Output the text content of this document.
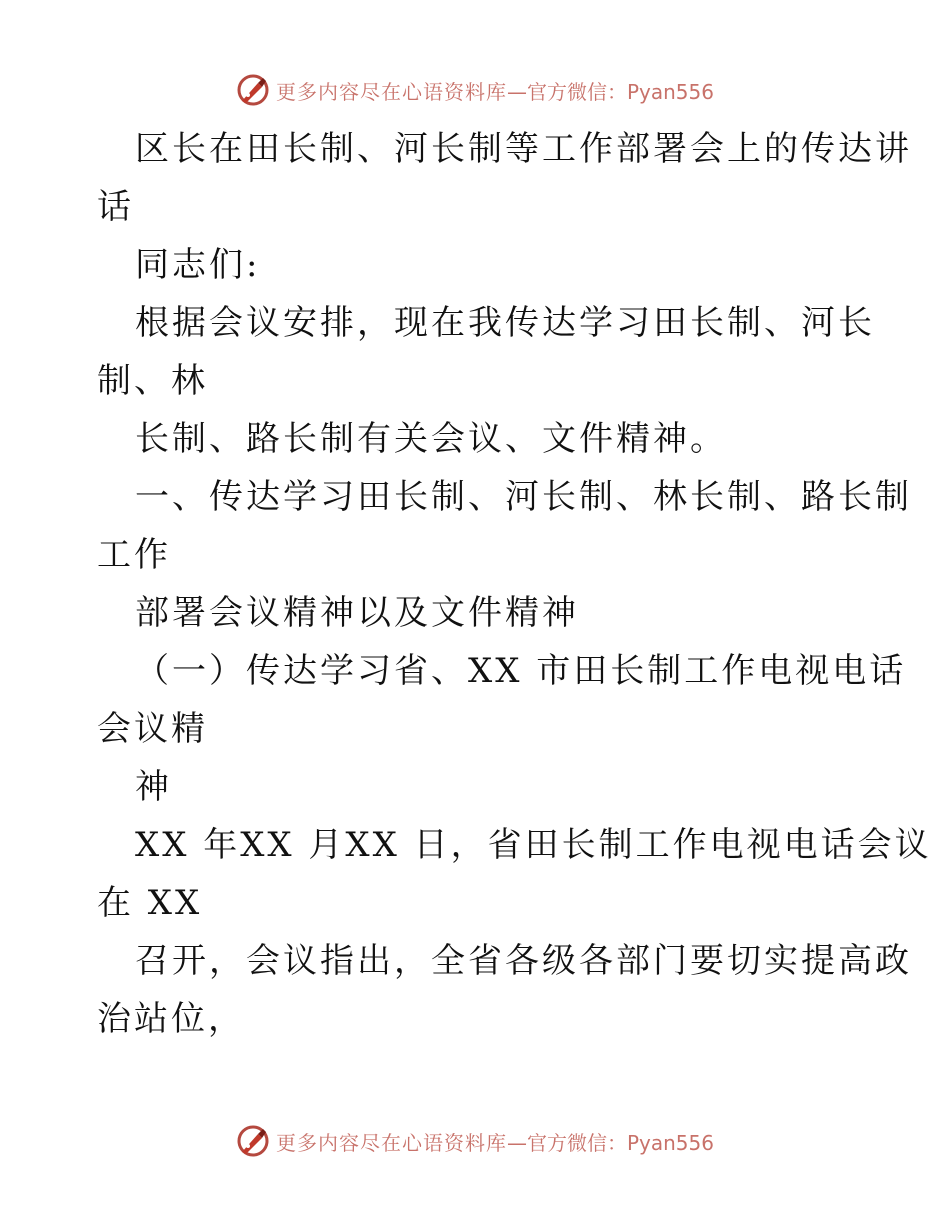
更多内容尽在心语资料库 —官方微信：Pyan556
区长在田长制、河长制等工作部署会上的传达讲
话
同志们:
根据会议安排，现在我传达学习田长制、河长
制、林
长制、路长制有关会议、文件精神。
一、传达学习田长制、河长制、林长制、路长制
工作
部署会议精神以及文件精神
（一）传达学习省、XX 市田长制工作电视电话
会议精
神
XX 年XX 月XX 日，省田长制工作电视电话会议
在 XX
召开，会议指出，全省各级各部门要切实提高政
治站位，
更多内容尽在心语资料库 —官方微信：Pyan556
